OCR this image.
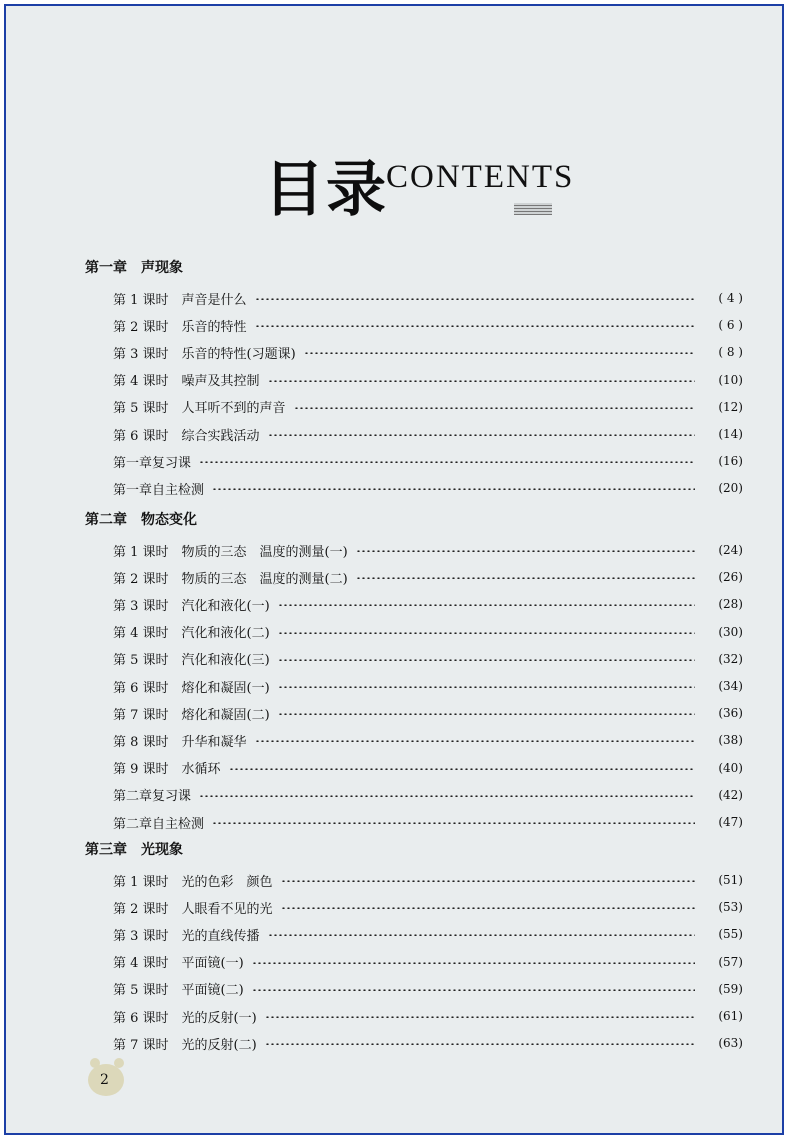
目录
CONTENTS
第一章　声现象
第 1 课时　声音是什么	( 4 )
第 2 课时　乐音的特性	( 6 )
第 3 课时　乐音的特性(习题课)	( 8 )
第 4 课时　噪声及其控制	(10)
第 5 课时　人耳听不到的声音	(12)
第 6 课时　综合实践活动	(14)
第一章复习课	(16)
第一章自主检测	(20)
第二章　物态变化
第 1 课时　物质的三态　温度的测量(一)	(24)
第 2 课时　物质的三态　温度的测量(二)	(26)
第 3 课时　汽化和液化(一)	(28)
第 4 课时　汽化和液化(二)	(30)
第 5 课时　汽化和液化(三)	(32)
第 6 课时　熔化和凝固(一)	(34)
第 7 课时　熔化和凝固(二)	(36)
第 8 课时　升华和凝华	(38)
第 9 课时　水循环	(40)
第二章复习课	(42)
第二章自主检测	(47)
第三章　光现象
第 1 课时　光的色彩　颜色	(51)
第 2 课时　人眼看不见的光	(53)
第 3 课时　光的直线传播	(55)
第 4 课时　平面镜(一)	(57)
第 5 课时　平面镜(二)	(59)
第 6 课时　光的反射(一)	(61)
第 7 课时　光的反射(二)	(63)
2
